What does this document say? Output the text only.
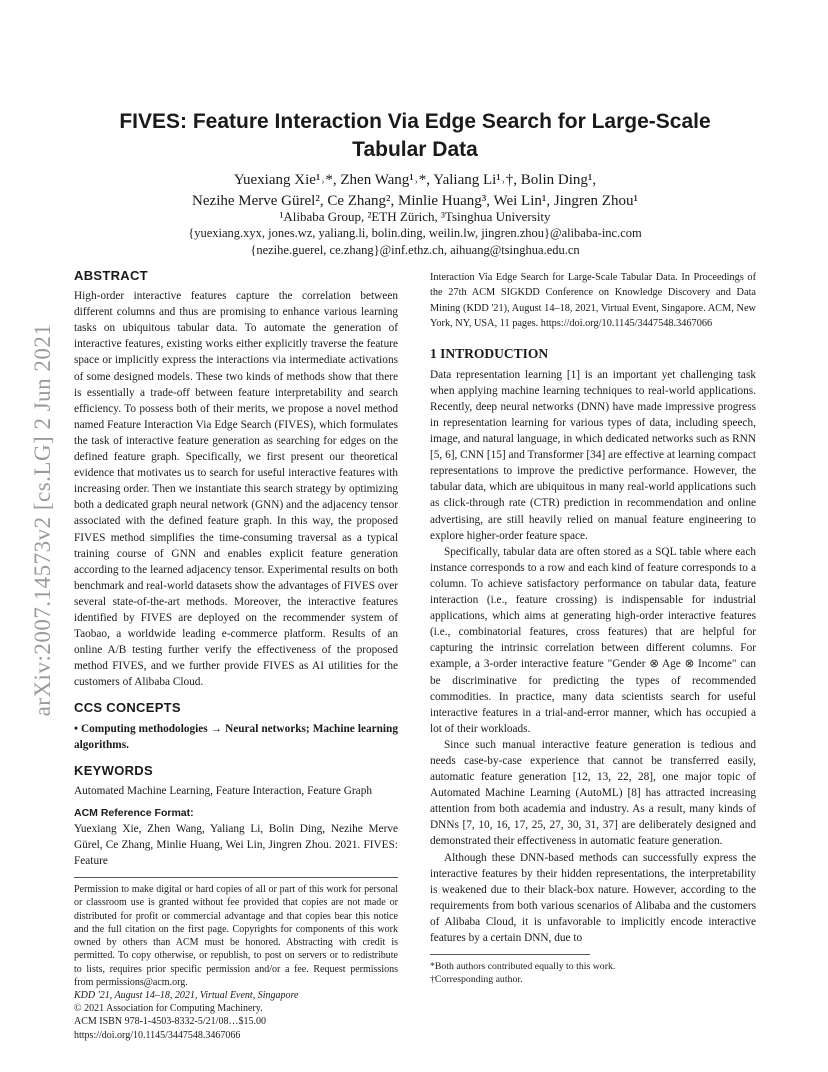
arXiv:2007.14573v2 [cs.LG] 2 Jun 2021
FIVES: Feature Interaction Via Edge Search for Large-Scale
Tabular Data
Yuexiang Xie¹˒*, Zhen Wang¹˒*, Yaliang Li¹˒†, Bolin Ding¹,
Nezihe Merve Gürel², Ce Zhang², Minlie Huang³, Wei Lin¹, Jingren Zhou¹
¹Alibaba Group, ²ETH Zürich, ³Tsinghua University
{yuexiang.xyx, jones.wz, yaliang.li, bolin.ding, weilin.lw, jingren.zhou}@alibaba-inc.com
{nezihe.guerel, ce.zhang}@inf.ethz.ch, aihuang@tsinghua.edu.cn
ABSTRACT

High-order interactive features capture the correlation between different columns and thus are promising to enhance various learning tasks on ubiquitous tabular data. To automate the generation of interactive features, existing works either explicitly traverse the feature space or implicitly express the interactions via intermediate activations of some designed models. These two kinds of methods show that there is essentially a trade-off between feature interpretability and search efficiency. To possess both of their merits, we propose a novel method named Feature Interaction Via Edge Search (FIVES), which formulates the task of interactive feature generation as searching for edges on the defined feature graph. Specifically, we first present our theoretical evidence that motivates us to search for useful interactive features with increasing order. Then we instantiate this search strategy by optimizing both a dedicated graph neural network (GNN) and the adjacency tensor associated with the defined feature graph. In this way, the proposed FIVES method simplifies the time-consuming traversal as a typical training course of GNN and enables explicit feature generation according to the learned adjacency tensor. Experimental results on both benchmark and real-world datasets show the advantages of FIVES over several state-of-the-art methods. Moreover, the interactive features identified by FIVES are deployed on the recommender system of Taobao, a worldwide leading e-commerce platform. Results of an online A/B testing further verify the effectiveness of the proposed method FIVES, and we further provide FIVES as AI utilities for the customers of Alibaba Cloud.

CCS CONCEPTS

• Computing methodologies → Neural networks; Machine learning algorithms.

KEYWORDS

Automated Machine Learning, Feature Interaction, Feature Graph

ACM Reference Format:

Yuexiang Xie, Zhen Wang, Yaliang Li, Bolin Ding, Nezihe Merve Gürel, Ce Zhang, Minlie Huang, Wei Lin, Jingren Zhou. 2021. FIVES: Feature

Permission to make digital or hard copies of all or part of this work for personal or classroom use is granted without fee provided that copies are not made or distributed for profit or commercial advantage and that copies bear this notice and the full citation on the first page. Copyrights for components of this work owned by others than ACM must be honored. Abstracting with credit is permitted. To copy otherwise, or republish, to post on servers or to redistribute to lists, requires prior specific permission and/or a fee. Request permissions from permissions@acm.org.

KDD '21, August 14–18, 2021, Virtual Event, Singapore

© 2021 Association for Computing Machinery.

ACM ISBN 978-1-4503-8332-5/21/08…$15.00

https://doi.org/10.1145/3447548.3467066

Interaction Via Edge Search for Large-Scale Tabular Data. In Proceedings of the 27th ACM SIGKDD Conference on Knowledge Discovery and Data Mining (KDD '21), August 14–18, 2021, Virtual Event, Singapore. ACM, New York, NY, USA, 11 pages. https://doi.org/10.1145/3447548.3467066

1 INTRODUCTION

Data representation learning [1] is an important yet challenging task when applying machine learning techniques to real-world applications. Recently, deep neural networks (DNN) have made impressive progress in representation learning for various types of data, including speech, image, and natural language, in which dedicated networks such as RNN [5, 6], CNN [15] and Transformer [34] are effective at learning compact representations to improve the predictive performance. However, the tabular data, which are ubiquitous in many real-world applications such as click-through rate (CTR) prediction in recommendation and online advertising, are still heavily relied on manual feature engineering to explore higher-order feature space.

Specifically, tabular data are often stored as a SQL table where each instance corresponds to a row and each kind of feature corresponds to a column. To achieve satisfactory performance on tabular data, feature interaction (i.e., feature crossing) is indispensable for industrial applications, which aims at generating high-order interactive features (i.e., combinatorial features, cross features) that are helpful for capturing the intrinsic correlation between different columns. For example, a 3-order interactive feature "Gender ⊗ Age ⊗ Income" can be discriminative for predicting the types of recommended commodities. In practice, many data scientists search for useful interactive features in a trial-and-error manner, which has occupied a lot of their workloads.

Since such manual interactive feature generation is tedious and needs case-by-case experience that cannot be transferred easily, automatic feature generation [12, 13, 22, 28], one major topic of Automated Machine Learning (AutoML) [8] has attracted increasing attention from both academia and industry. As a result, many kinds of DNNs [7, 10, 16, 17, 25, 27, 30, 31, 37] are deliberately designed and demonstrated their effectiveness in automatic feature generation.

Although these DNN-based methods can successfully express the interactive features by their hidden representations, the interpretability is weakened due to their black-box nature. However, according to the requirements from both various scenarios of Alibaba and the customers of Alibaba Cloud, it is unfavorable to implicitly encode interactive features by a certain DNN, due to

*Both authors contributed equally to this work.

†Corresponding author.
